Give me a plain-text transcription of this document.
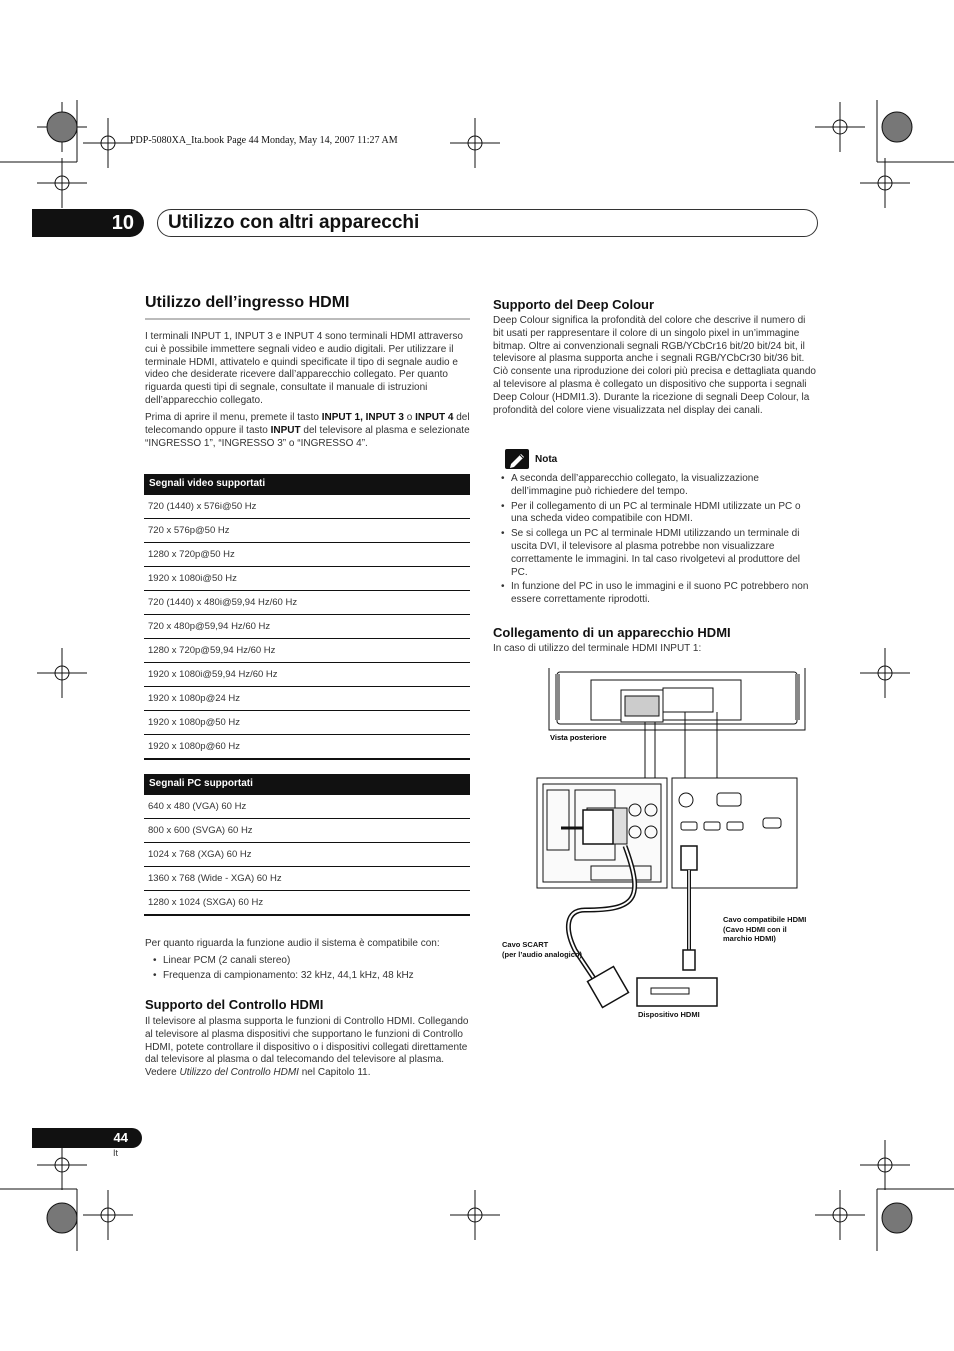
PDP-5080XA_Ita.book Page 44 Monday, May 14, 2007 11:27 AM
10	Utilizzo con altri apparecchi
Utilizzo dell’ingresso HDMI
I terminali INPUT 1, INPUT 3 e INPUT 4 sono terminali HDMI attraverso cui è possibile immettere segnali video e audio digitali. Per utilizzare il terminale HDMI, attivatelo e quindi specificate il tipo di segnale audio e video che desiderate ricevere dall’apparecchio collegato. Per quanto riguarda questi tipi di segnale, consultate il manuale di istruzioni dell’apparecchio collegato.
Prima di aprire il menu, premete il tasto INPUT 1, INPUT 3 o INPUT 4 del telecomando oppure il tasto INPUT del televisore al plasma e selezionate “INGRESSO 1”, “INGRESSO 3” o “INGRESSO 4”.
Segnali video supportati
720 (1440) x 576i@50 Hz
720 x 576p@50 Hz
1280 x 720p@50 Hz
1920 x 1080i@50 Hz
720 (1440) x 480i@59,94 Hz/60 Hz
720 x 480p@59,94 Hz/60 Hz
1280 x 720p@59,94 Hz/60 Hz
1920 x 1080i@59,94 Hz/60 Hz
1920 x 1080p@24 Hz
1920 x 1080p@50 Hz
1920 x 1080p@60 Hz
Segnali PC supportati
640 x 480 (VGA) 60 Hz
800 x 600 (SVGA) 60 Hz
1024 x 768 (XGA) 60 Hz
1360 x 768 (Wide - XGA) 60 Hz
1280 x 1024 (SXGA) 60 Hz
Per quanto riguarda la funzione audio il sistema è compatibile con:
• Linear PCM (2 canali stereo)
• Frequenza di campionamento: 32 kHz, 44,1 kHz, 48 kHz
Supporto del Controllo HDMI
Il televisore al plasma supporta le funzioni di Controllo HDMI. Collegando al televisore al plasma dispositivi che supportano le funzioni di Controllo HDMI, potete controllare il dispositivo o i dispositivi collegati direttamente dal televisore al plasma o dal telecomando del televisore al plasma. Vedere Utilizzo del Controllo HDMI nel Capitolo 11.
Supporto del Deep Colour
Deep Colour significa la profondità del colore che descrive il numero di bit usati per rappresentare il colore di un singolo pixel in un’immagine bitmap. Oltre ai convenzionali segnali RGB/YCbCr16 bit/20 bit/24 bit, il televisore al plasma supporta anche i segnali RGB/YCbCr30 bit/36 bit. Ciò consente una riproduzione dei colori più precisa e dettagliata quando al televisore al plasma è collegato un dispositivo che supporta i segnali Deep Colour (HDMI1.3). Durante la ricezione di segnali Deep Colour, la profondità del colore viene visualizzata nel display dei canali.
Nota
• A seconda dell’apparecchio collegato, la visualizzazione dell’immagine può richiedere del tempo.
• Per il collegamento di un PC al terminale HDMI utilizzate un PC o una scheda video compatibile con HDMI.
• Se si collega un PC al terminale HDMI utilizzando un terminale di uscita DVI, il televisore al plasma potrebbe non visualizzare correttamente le immagini. In tal caso rivolgetevi al produttore del PC.
• In funzione del PC in uso le immagini e il suono PC potrebbero non essere correttamente riprodotti.
Collegamento di un apparecchio HDMI
In caso di utilizzo del terminale HDMI INPUT 1:
Vista posteriore
Cavo compatibile HDMI
(Cavo HDMI con il
marchio HDMI)
Cavo SCART
(per l’audio analogico)
Dispositivo HDMI
44
It
